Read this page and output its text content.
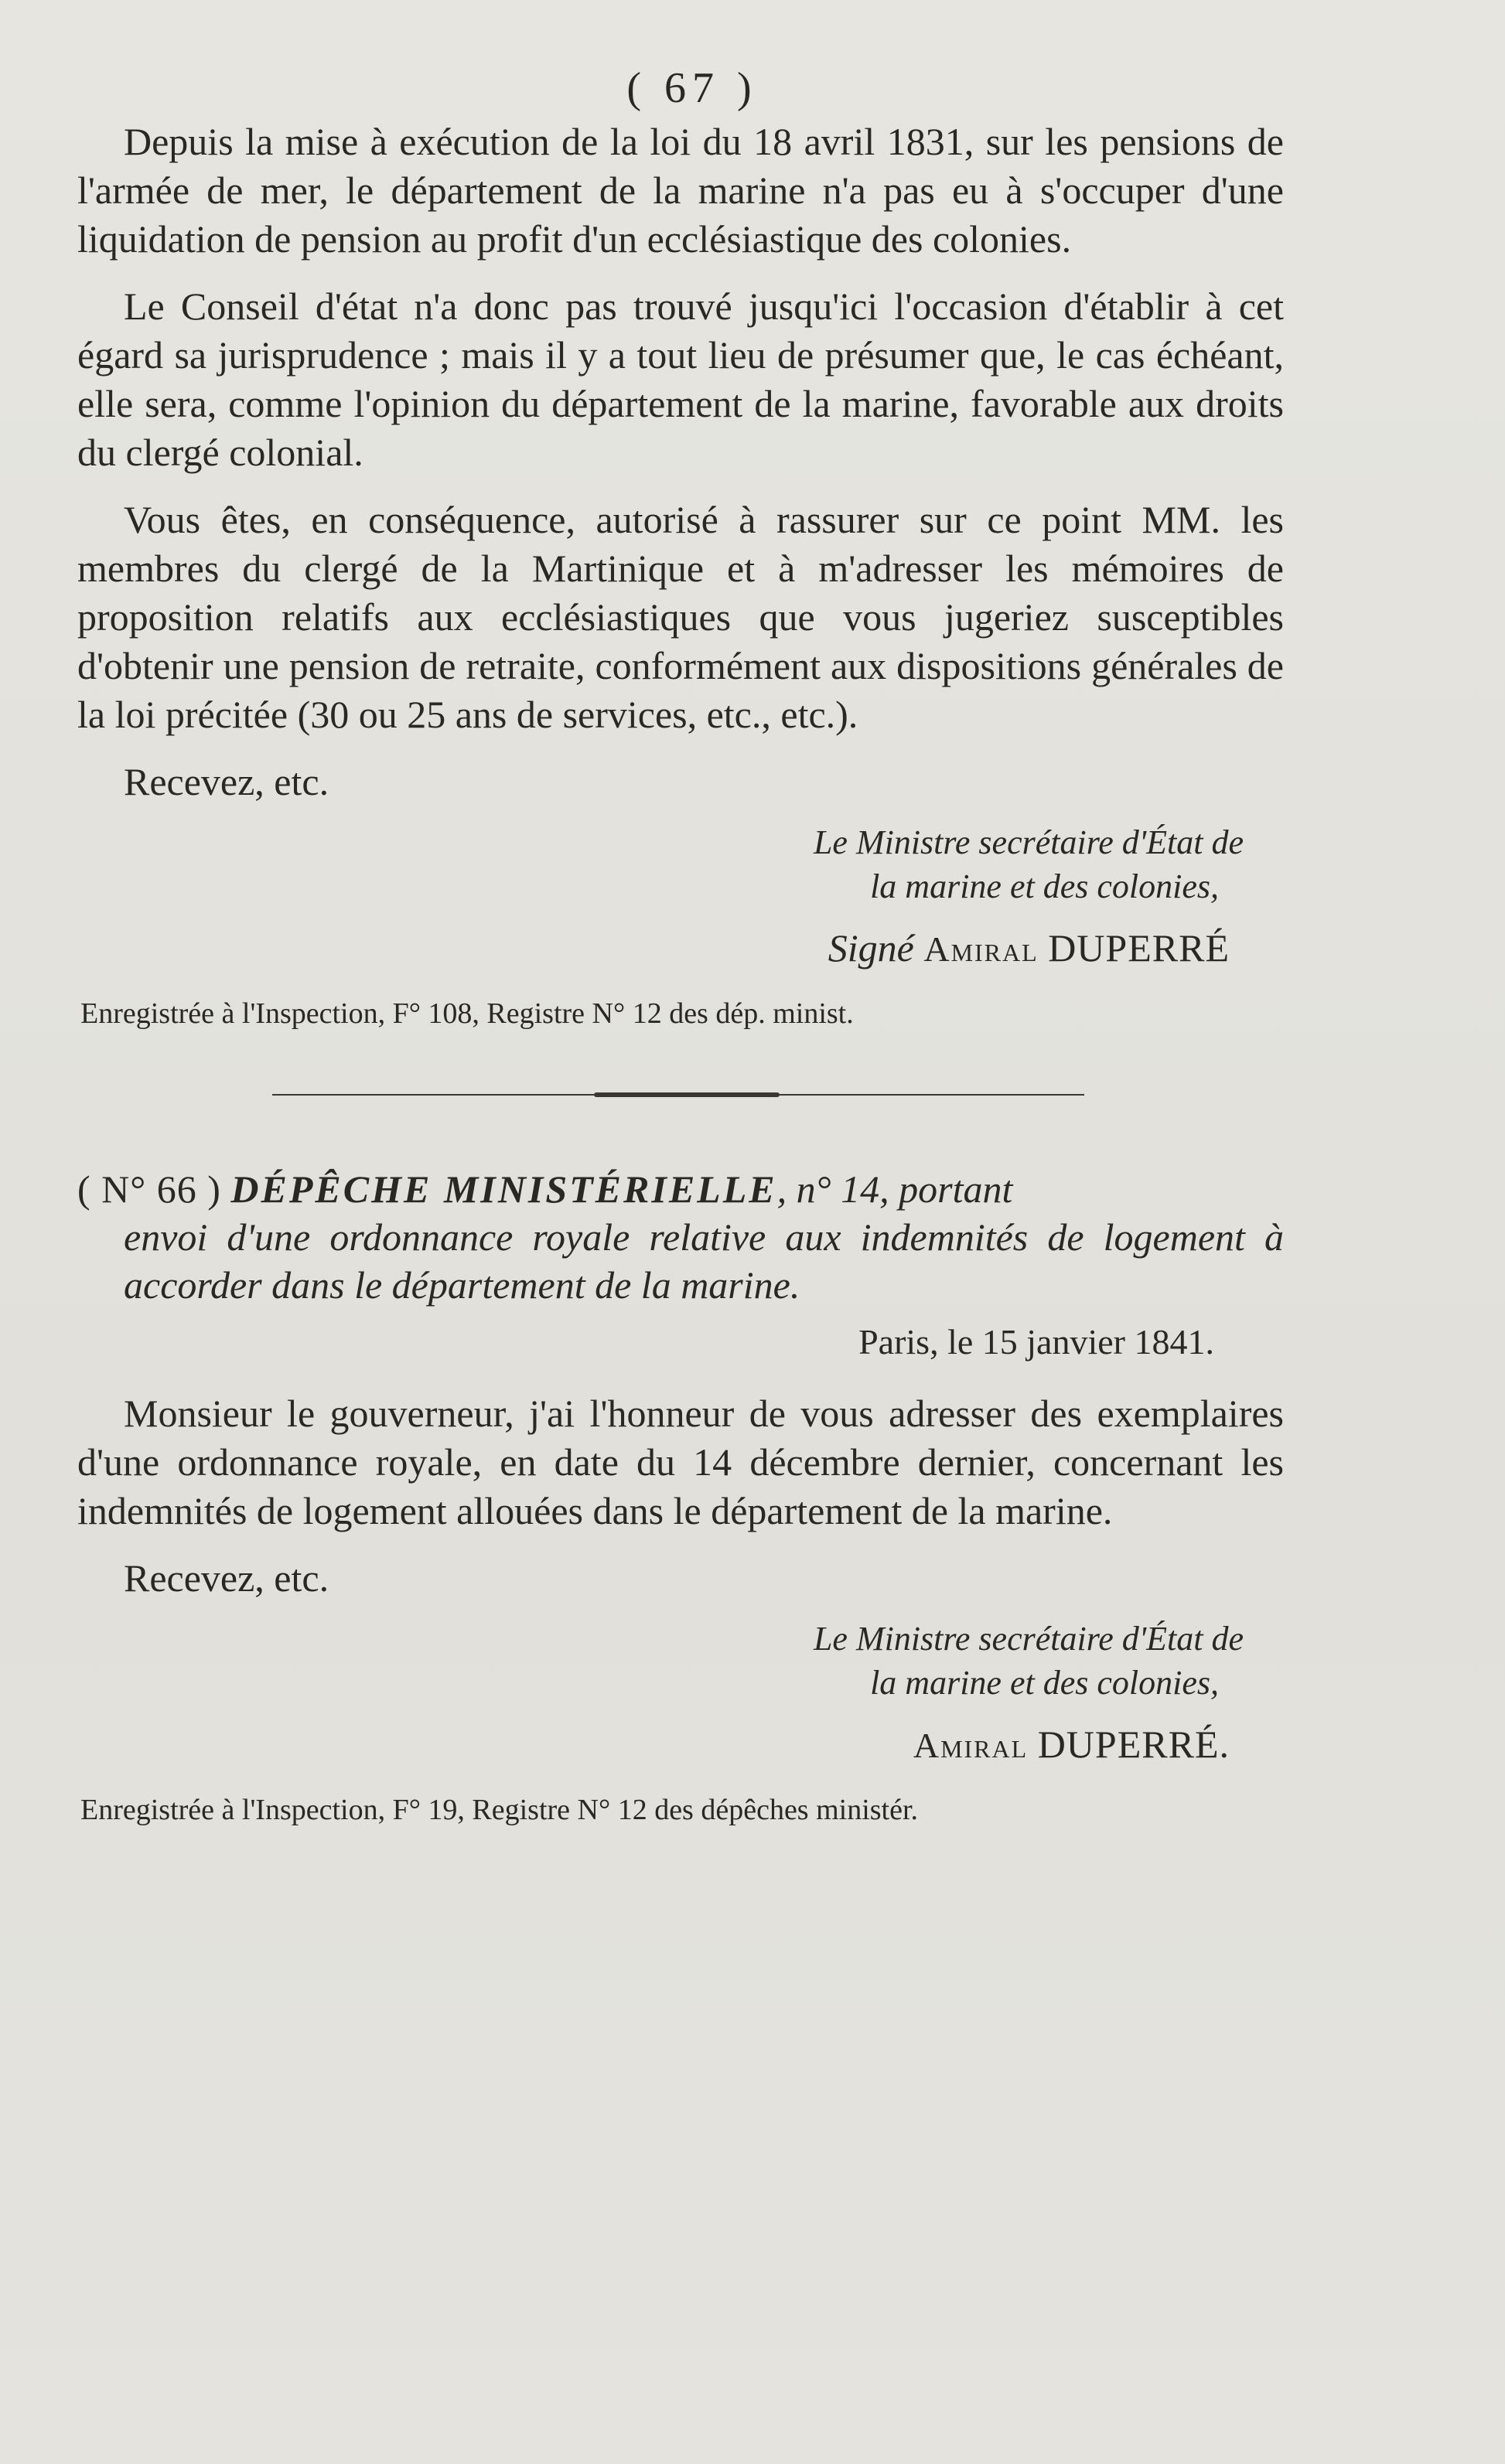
( 67 )

Depuis la mise à exécution de la loi du 18 avril 1831, sur les pensions de l'armée de mer, le département de la marine n'a pas eu à s'occuper d'une liquidation de pension au profit d'un ecclésiastique des colonies.

Le Conseil d'état n'a donc pas trouvé jusqu'ici l'occasion d'établir à cet égard sa jurisprudence ; mais il y a tout lieu de présumer que, le cas échéant, elle sera, comme l'opinion du département de la marine, favorable aux droits du clergé colonial.

Vous êtes, en conséquence, autorisé à rassurer sur ce point MM. les membres du clergé de la Martinique et à m'adresser les mémoires de proposition relatifs aux ecclésiastiques que vous jugeriez susceptibles d'obtenir une pension de retraite, conformément aux dispositions générales de la loi précitée (30 ou 25 ans de services, etc., etc.).

Recevez, etc.

Le Ministre secrétaire d'État de
la marine et des colonies,
Signé Amiral DUPERRÉ
Enregistrée à l'Inspection, F° 108, Registre N° 12 des dép. minist.

( N° 66 ) DÉPÊCHE MINISTÉRIELLE, n° 14, portant
envoi d'une ordonnance royale relative aux indemnités de logement à accorder dans le département de la marine.

Paris, le 15 janvier 1841.

Monsieur le gouverneur, j'ai l'honneur de vous adresser des exemplaires d'une ordonnance royale, en date du 14 décembre dernier, concernant les indemnités de logement allouées dans le département de la marine.

Recevez, etc.

Le Ministre secrétaire d'État de
la marine et des colonies,
Amiral DUPERRÉ.
Enregistrée à l'Inspection, F° 19, Registre N° 12 des dépêches ministér.
